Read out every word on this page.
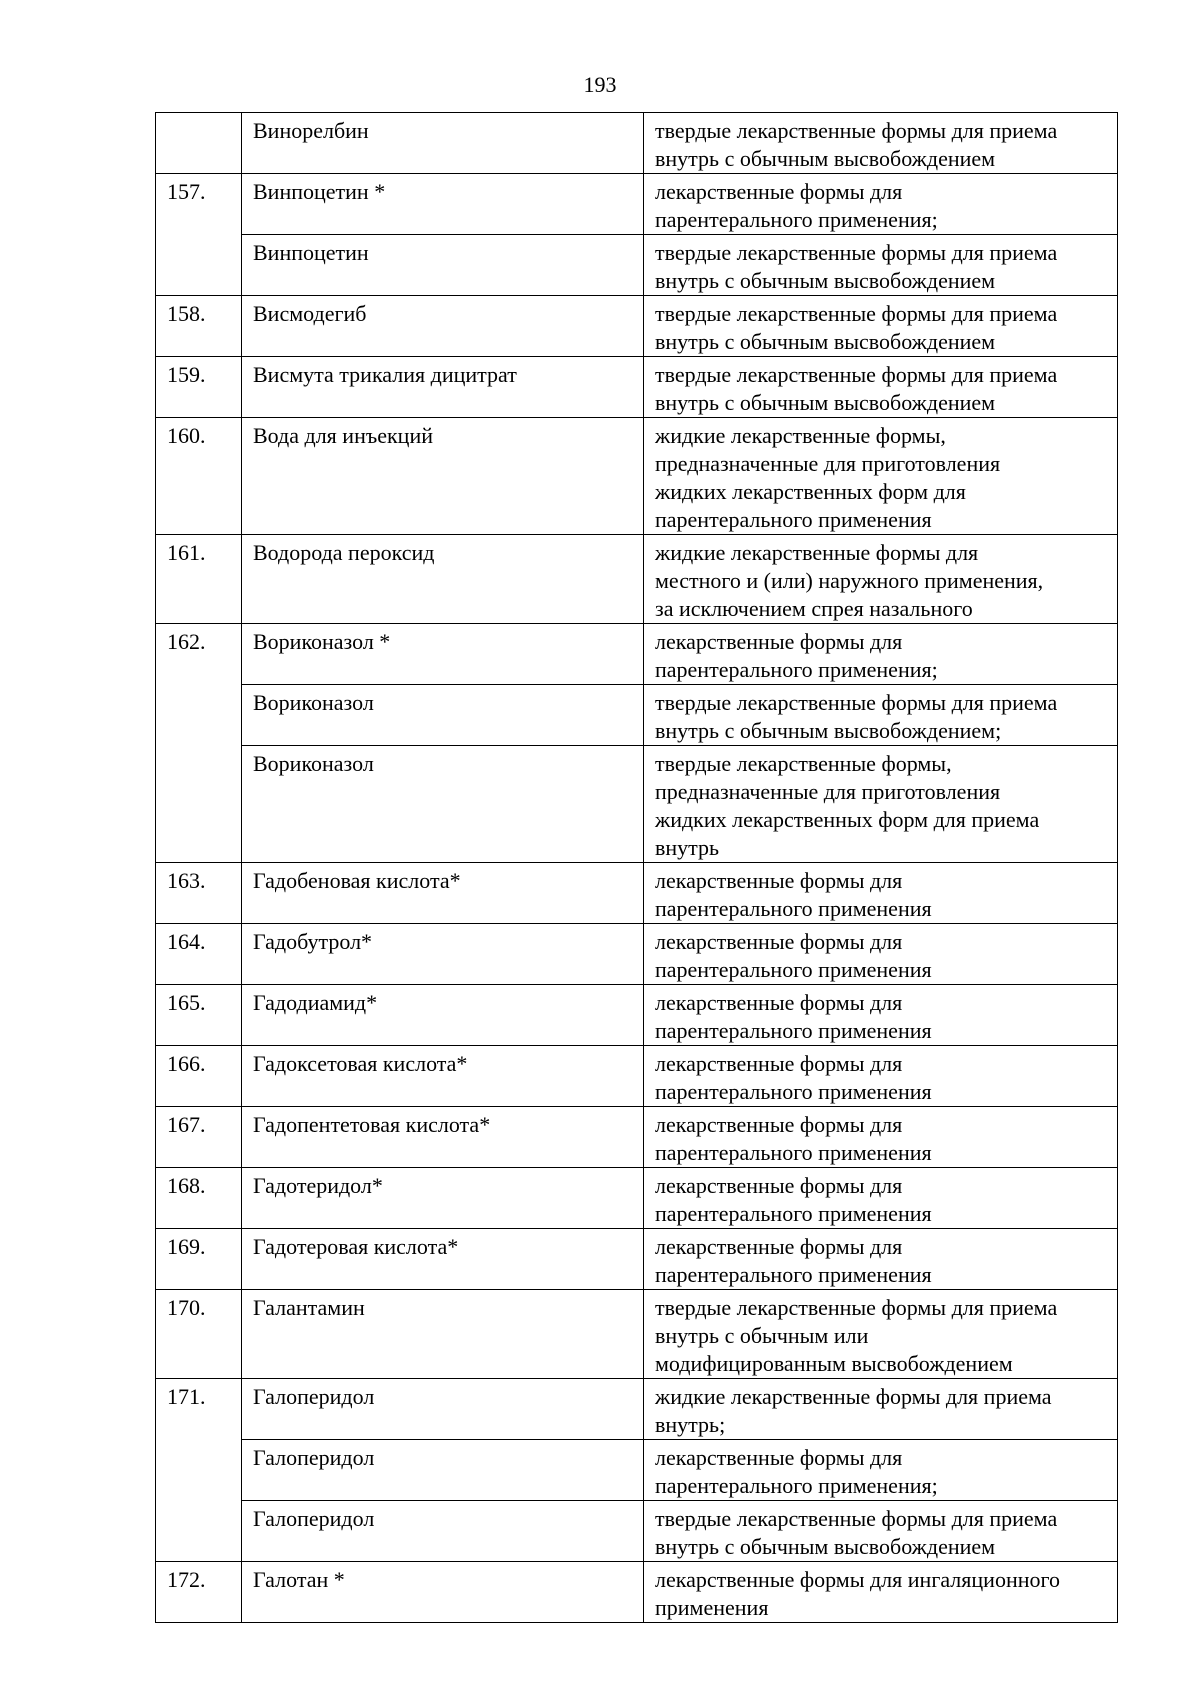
193
	Винорелбин	твердые лекарственные формы для приема
внутрь с обычным высвобождением
157.	Винпоцетин *	лекарственные формы для
парентерального применения;
	Винпоцетин	твердые лекарственные формы для приема
внутрь с обычным высвобождением
158.	Висмодегиб	твердые лекарственные формы для приема
внутрь с обычным высвобождением
159.	Висмута трикалия дицитрат	твердые лекарственные формы для приема
внутрь с обычным высвобождением
160.	Вода для инъекций	жидкие лекарственные формы,
предназначенные для приготовления
жидких лекарственных форм для
парентерального применения
161.	Водорода пероксид	жидкие лекарственные формы для
местного и (или) наружного применения,
за исключением спрея назального
162.	Вориконазол *	лекарственные формы для
парентерального применения;
	Вориконазол	твердые лекарственные формы для приема
внутрь с обычным высвобождением;
	Вориконазол	твердые лекарственные формы,
предназначенные для приготовления
жидких лекарственных форм для приема
внутрь
163.	Гадобеновая кислота*	лекарственные формы для
парентерального применения
164.	Гадобутрол*	лекарственные формы для
парентерального применения
165.	Гадодиамид*	лекарственные формы для
парентерального применения
166.	Гадоксетовая кислота*	лекарственные формы для
парентерального применения
167.	Гадопентетовая кислота*	лекарственные формы для
парентерального применения
168.	Гадотеридол*	лекарственные формы для
парентерального применения
169.	Гадотеровая кислота*	лекарственные формы для
парентерального применения
170.	Галантамин	твердые лекарственные формы для приема
внутрь с обычным или
модифицированным высвобождением
171.	Галоперидол	жидкие лекарственные формы для приема
внутрь;
	Галоперидол	лекарственные формы для
парентерального применения;
	Галоперидол	твердые лекарственные формы для приема
внутрь с обычным высвобождением
172.	Галотан *	лекарственные формы для ингаляционного
применения
